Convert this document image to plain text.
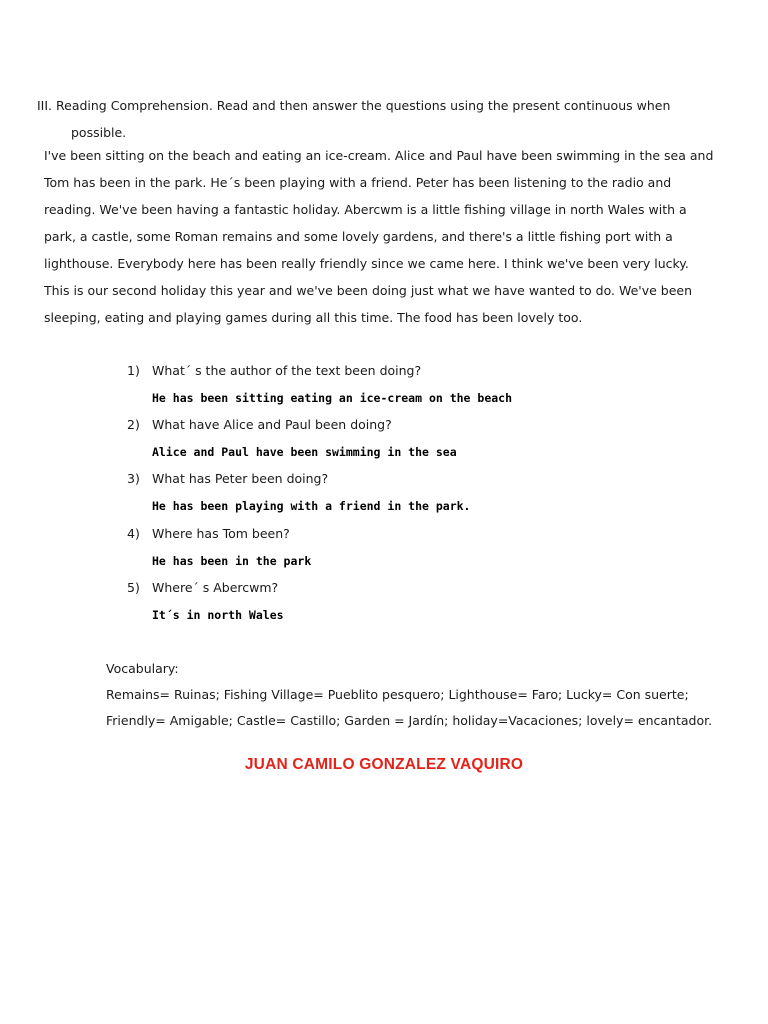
III. Reading Comprehension. Read and then answer the questions using the present continuous when
possible.

I've been sitting on the beach and eating an ice-cream. Alice and Paul have been swimming in the sea and
Tom has been in the park. He´s been playing with a friend. Peter has been listening to the radio and
reading. We've been having a fantastic holiday. Abercwm is a little fishing village in north Wales with a
park, a castle, some Roman remains and some lovely gardens, and there's a little fishing port with a
lighthouse. Everybody here has been really friendly since we came here. I think we've been very lucky.
This is our second holiday this year and we've been doing just what we have wanted to do. We've been
sleeping, eating and playing games during all this time. The food has been lovely too.

1) What´ s the author of the text been doing?
He has been sitting eating an ice-cream on the beach
2) What have Alice and Paul been doing?
Alice and Paul have been swimming in the sea
3) What has Peter been doing?
He has been playing with a friend in the park.
4) Where has Tom been?
He has been in the park
5) Where´ s Abercwm?
It´s in north Wales

Vocabulary:
Remains= Ruinas; Fishing Village= Pueblito pesquero; Lighthouse= Faro; Lucky= Con suerte;
Friendly= Amigable; Castle= Castillo; Garden = Jardín; holiday=Vacaciones; lovely= encantador.

JUAN CAMILO GONZALEZ VAQUIRO
